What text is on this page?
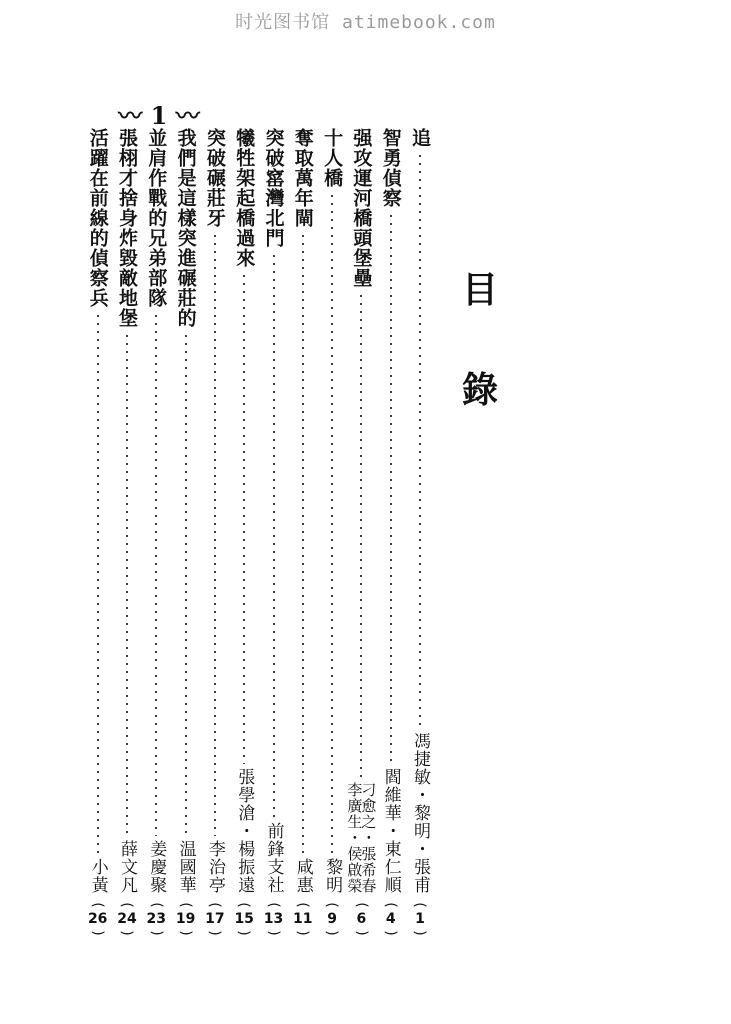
时光图书馆 atimebook.com
〰 1 〰
目
錄
追
馮捷敏・黎明・張甫
(
1
)
智勇偵察
閻維華・東仁順
(
4
)
强攻運河橋頭堡壘
刁愈之・張希春
李廣生・侯啟榮
(
6
)
十人橋
黎明
(
9
)
奪取萬年閘
咸惠
(
11
)
突破窰灣北門
前鋒支社
(
13
)
犧牲架起橋過來
張學滄・楊振遠
(
15
)
突破碾莊牙
李治亭
(
17
)
我們是這樣突進碾莊的
温國華
(
19
)
並肩作戰的兄弟部隊
姜慶聚
(
23
)
張栩才捨身炸毀敵地堡
薛文凡
(
24
)
活躍在前線的偵察兵
小黃
(
26
)
